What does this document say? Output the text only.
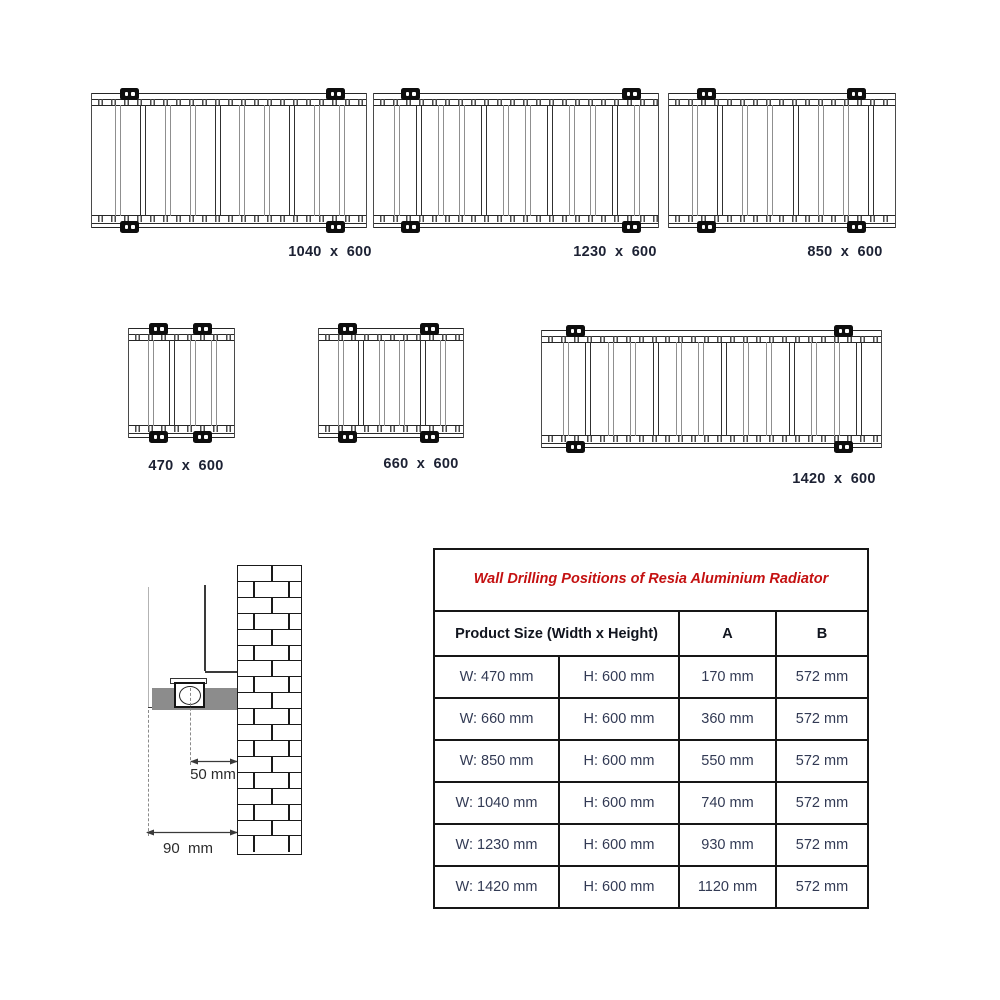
1040 x 600	1230 x 600	850 x 600
470 x 600	660 x 600
1420 x 600
50 mm
90  mm
Wall Drilling Positions of Resia Aluminium Radiator			
Product Size (Width x Height)		A	B
W: 470 mm	H: 600 mm	170 mm	572 mm
W: 660 mm	H: 600 mm	360 mm	572 mm
W: 850 mm	H: 600 mm	550 mm	572 mm
W: 1040 mm	H: 600 mm	740 mm	572 mm
W: 1230 mm	H: 600 mm	930 mm	572 mm
W: 1420 mm	H: 600 mm	1120 mm	572 mm
